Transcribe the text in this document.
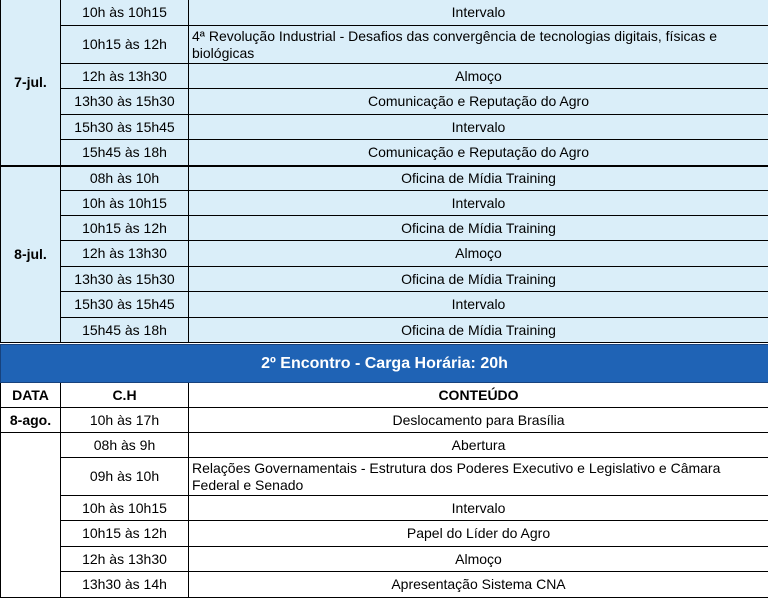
7-jul.	10h às 10h15	Intervalo
	10h15 às 12h	4ª Revolução Industrial - Desafios das convergência de tecnologias digitais, físicas e biológicas
	12h às 13h30	Almoço
	13h30 às 15h30	Comunicação e Reputação do Agro
	15h30 às 15h45	Intervalo
	15h45 às 18h	Comunicação e Reputação do Agro
8-jul.	08h às 10h	Oficina de Mídia Training
	10h às 10h15	Intervalo
	10h15 às 12h	Oficina de Mídia Training
	12h às 13h30	Almoço
	13h30 às 15h30	Oficina de Mídia Training
	15h30 às 15h45	Intervalo
	15h45 às 18h	Oficina de Mídia Training
2º Encontro - Carga Horária: 20h		
DATA	C.H	CONTEÚDO
8-ago.	10h às 17h	Deslocamento para Brasília
	08h às 9h	Abertura
	09h às 10h	Relações Governamentais - Estrutura dos Poderes Executivo e Legislativo e Câmara Federal e Senado
	10h às 10h15	Intervalo
	10h15 às 12h	Papel do Líder do Agro
	12h às 13h30	Almoço
	13h30 às 14h	Apresentação Sistema CNA
